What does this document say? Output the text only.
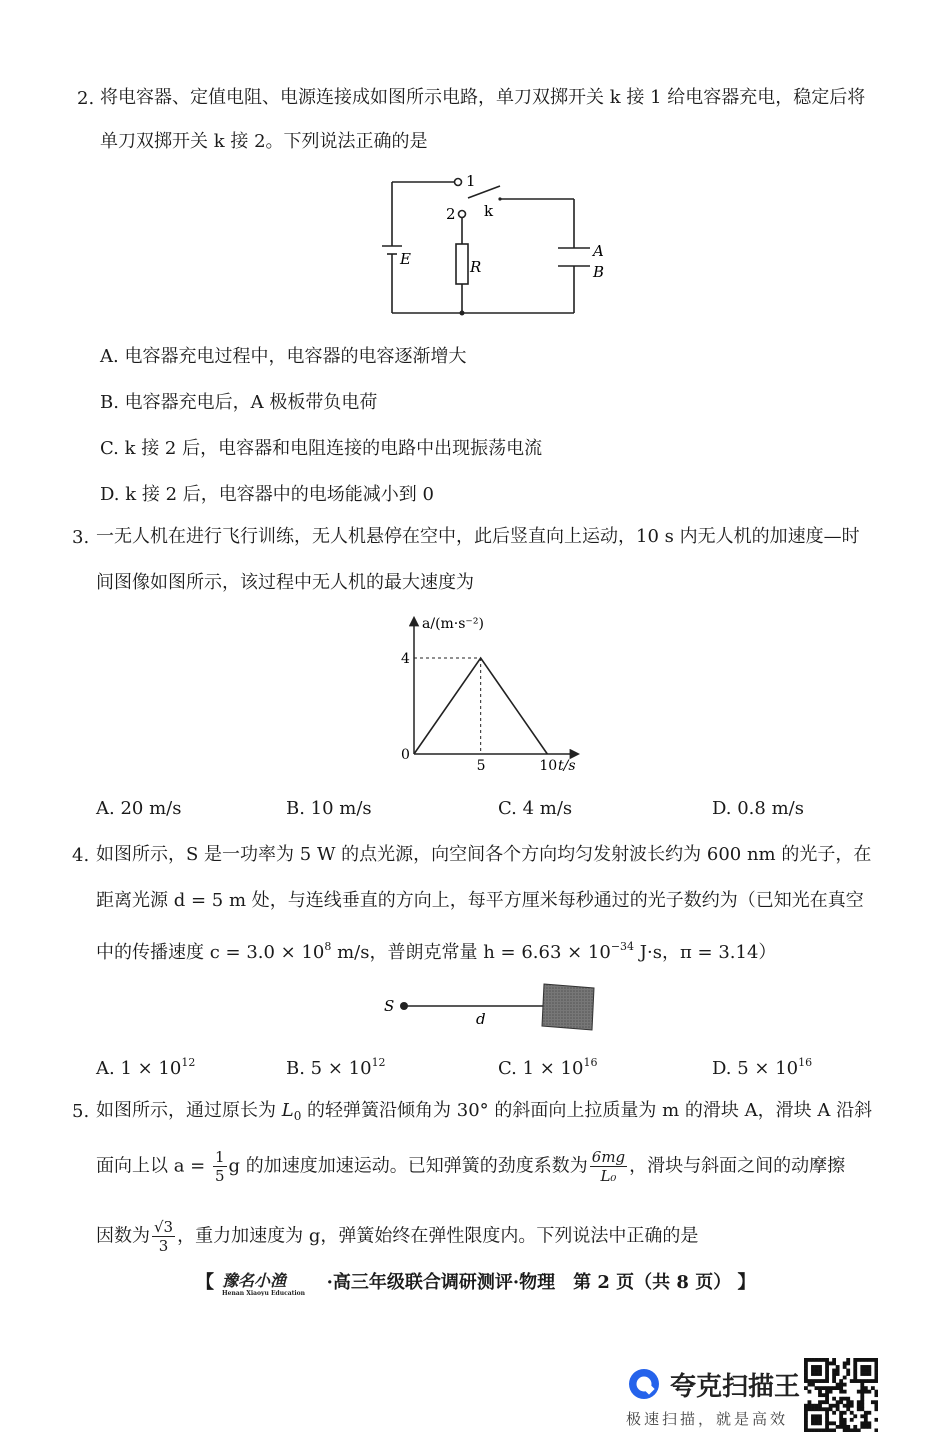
2. 将电容器、定值电阻、电源连接成如图所示电路，单刀双掷开关 k 接 1 给电容器充电，稳定后将
单刀双掷开关 k 接 2。下列说法正确的是
1
2 k
E	R
A
B
A. 电容器充电过程中，电容器的电容逐渐增大
B. 电容器充电后，A 极板带负电荷
C. k 接 2 后，电容器和电阻连接的电路中出现振荡电流
D. k 接 2 后，电容器中的电场能减小到 0
3. 一无人机在进行飞行训练，无人机悬停在空中，此后竖直向上运动，10 s 内无人机的加速度—时
间图像如图所示，该过程中无人机的最大速度为
5	10
4
a/(m·s⁻²)
t/s
0
A. 20 m/s	B. 10 m/s	C. 4 m/s	D. 0.8 m/s
4. 如图所示，S 是一功率为 5 W 的点光源，向空间各个方向均匀发射波长约为 600 nm 的光子，在
距离光源 d = 5 m 处，与连线垂直的方向上，每平方厘米每秒通过的光子数约为（已知光在真空
中的传播速度 $c = 3.0 \times 10^8$ m/s，普朗克常量 $h = 6.63 \times 10^{-34}$ J·s，π = 3.14）
S
d
A. $1 \times 10^{12}$	B. $5 \times 10^{12}$	C. $1 \times 10^{16}$	D. $5 \times 10^{16}$
5. 如图所示，通过原长为 $L_0$ 的轻弹簧沿倾角为 30° 的斜面向上拉质量为 m 的滑块 A，滑块 A 沿斜
面向上以 $a = \frac{1}{5}$ g 的加速度加速运动。已知弹簧的劲度系数为 $\frac{6mg}{\text{L₀}}$ ，滑块与斜面之间的动摩擦
因数为 $\frac{√3}{3}$ ，重力加速度为 g，弹簧始终在弹性限度内。下列说法中正确的是
【 豫名小渔
Henan Xiaoyu Education
·高三年级联合调研测评·物理　第 2 页（共 8 页） 】
夸克扫描王
极速扫描，就是高效
